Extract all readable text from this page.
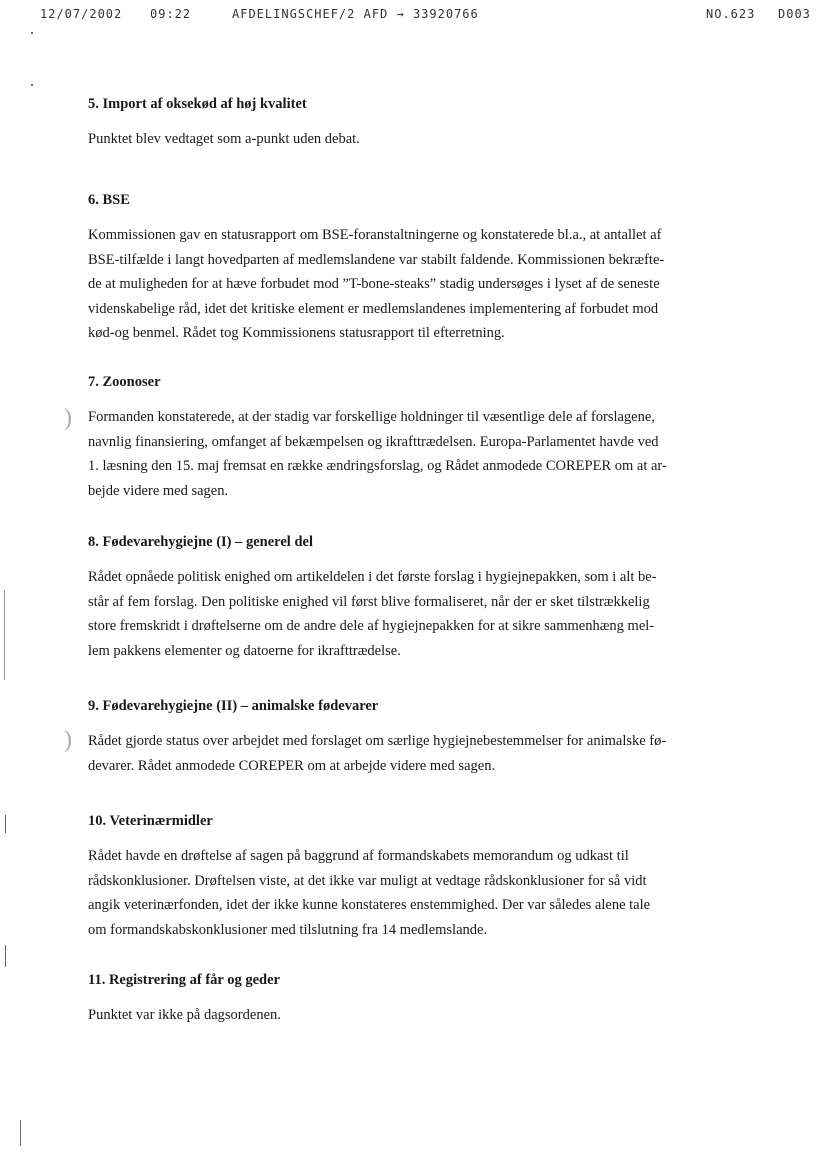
12/07/2002 09:22	AFDELINGSCHEF/2 AFD → 33920766	NO.623 D003
)
)
5. Import af oksekød af høj kvalitet

Punktet blev vedtaget som a-punkt uden debat.

6. BSE

Kommissionen gav en statusrapport om BSE-foranstaltningerne og konstaterede bl.a., at antallet af
BSE-tilfælde i langt hovedparten af medlemslandene var stabilt faldende. Kommissionen bekræfte-
de at muligheden for at hæve forbudet mod ”T-bone-steaks” stadig undersøges i lyset af de seneste
videnskabelige råd, idet det kritiske element er medlemslandenes implementering af forbudet mod
kød-og benmel. Rådet tog Kommissionens statusrapport til efterretning.

7. Zoonoser

Formanden konstaterede, at der stadig var forskellige holdninger til væsentlige dele af forslagene,
navnlig finansiering, omfanget af bekæmpelsen og ikrafttrædelsen. Europa-Parlamentet havde ved
1. læsning den 15. maj fremsat en række ændringsforslag, og Rådet anmodede COREPER om at ar-
bejde videre med sagen.

8. Fødevarehygiejne (I) – generel del

Rådet opnåede politisk enighed om artikeldelen i det første forslag i hygiejnepakken, som i alt be-
står af fem forslag. Den politiske enighed vil først blive formaliseret, når der er sket tilstrækkelig
store fremskridt i drøftelserne om de andre dele af hygiejnepakken for at sikre sammenhæng mel-
lem pakkens elementer og datoerne for ikrafttrædelse.

9. Fødevarehygiejne (II) – animalske fødevarer

Rådet gjorde status over arbejdet med forslaget om særlige hygiejnebestemmelser for animalske fø-
devarer. Rådet anmodede COREPER om at arbejde videre med sagen.

10. Veterinærmidler

Rådet havde en drøftelse af sagen på baggrund af formandskabets memorandum og udkast til
rådskonklusioner. Drøftelsen viste, at det ikke var muligt at vedtage rådskonklusioner for så vidt
angik veterinærfonden, idet der ikke kunne konstateres enstemmighed. Der var således alene tale
om formandskabskonklusioner med tilslutning fra 14 medlemslande.

11. Registrering af får og geder

Punktet var ikke på dagsordenen.
